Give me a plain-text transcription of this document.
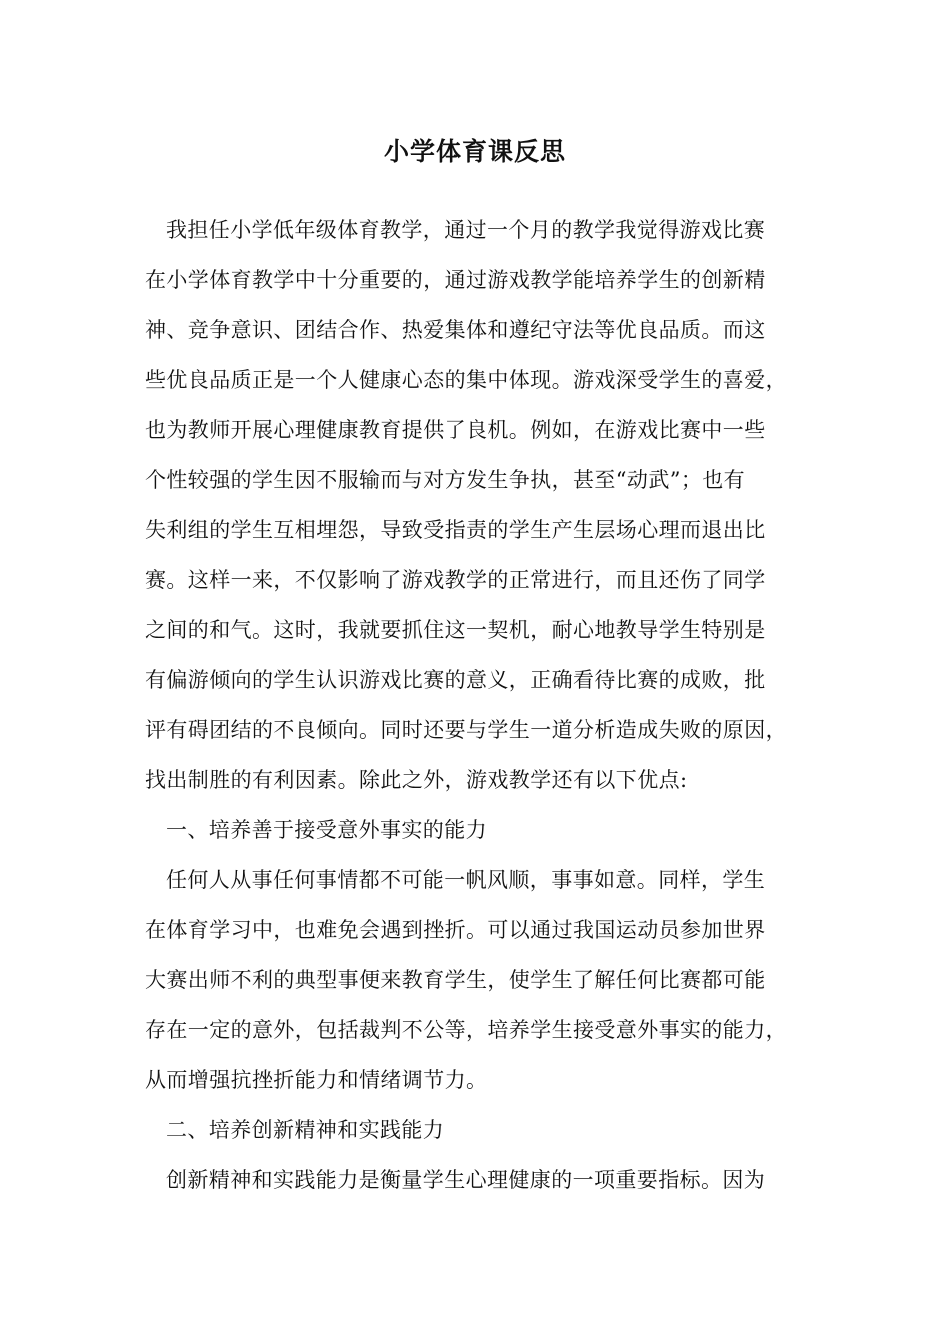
小学体育课反思
我担任小学低年级体育教学，通过一个月的教学我觉得游戏比赛
在小学体育教学中十分重要的，通过游戏教学能培养学生的创新精
神、竞争意识、团结合作、热爱集体和遵纪守法等优良品质。而这
些优良品质正是一个人健康心态的集中体现。游戏深受学生的喜爱，
也为教师开展心理健康教育提供了良机。例如，在游戏比赛中一些
个性较强的学生因不服输而与对方发生争执，甚至“动武”；也有
失利组的学生互相埋怨，导致受指责的学生产生层场心理而退出比
赛。这样一来，不仅影响了游戏教学的正常进行，而且还伤了同学
之间的和气。这时，我就要抓住这一契机，耐心地教导学生特别是
有偏游倾向的学生认识游戏比赛的意义，正确看待比赛的成败，批
评有碍团结的不良倾向。同时还要与学生一道分析造成失败的原因，
找出制胜的有利因素。除此之外，游戏教学还有以下优点:
一、培养善于接受意外事实的能力
任何人从事任何事情都不可能一帆风顺，事事如意。同样，学生
在体育学习中，也难免会遇到挫折。可以通过我国运动员参加世界
大赛出师不利的典型事便来教育学生，使学生了解任何比赛都可能
存在一定的意外，包括裁判不公等，培养学生接受意外事实的能力，
从而增强抗挫折能力和情绪调节力。
二、培养创新精神和实践能力
创新精神和实践能力是衡量学生心理健康的一项重要指标。因为
